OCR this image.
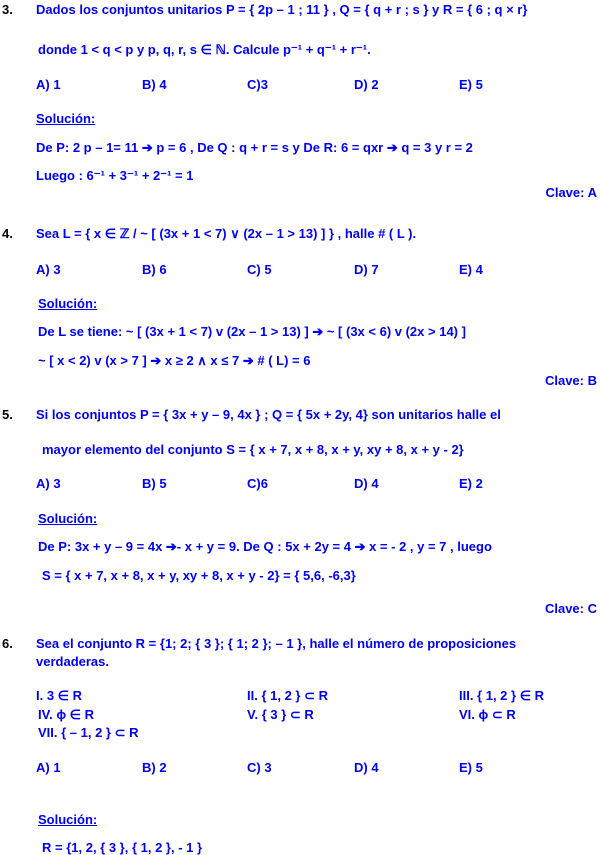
3. Dados los conjuntos unitarios P = { 2p – 1 ; 11 } , Q = { q + r ; s } y R = { 6 ; q × r}
donde 1 < q < p y p, q, r, s ∈ ℕ. Calcule p⁻¹ + q⁻¹ + r⁻¹.
A) 1	B) 4	C)3	D) 2	E) 5
Solución:
De P: 2 p – 1= 11 ➔ p = 6 , De Q : q + r = s y De R: 6 = qxr ➔ q = 3 y r = 2
Luego : 6⁻¹ + 3⁻¹ + 2⁻¹ = 1
Clave: A
4. Sea L = { x ∈ ℤ / ~ [ (3x + 1 < 7) ∨ (2x – 1 > 13) ] } , halle # ( L ).
A) 3	B) 6	C) 5	D) 7	E) 4
Solución:
De L se tiene: ~ [ (3x + 1 < 7) v (2x – 1 > 13) ] ➔ ~ [ (3x < 6) v (2x > 14) ]
~ [ x < 2) v (x > 7 ] ➔ x ≥ 2 ∧ x ≤ 7 ➔ # ( L) = 6
Clave: B
5. Si los conjuntos P = { 3x + y – 9, 4x } ; Q = { 5x + 2y, 4} son unitarios halle el
mayor elemento del conjunto S = { x + 7, x + 8, x + y, xy + 8, x + y - 2}
A) 3	B) 5	C)6	D) 4	E) 2
Solución:
De P: 3x + y – 9 = 4x ➔- x + y = 9. De Q : 5x + 2y = 4 ➔ x = - 2 , y = 7 , luego
S = { x + 7, x + 8, x + y, xy + 8, x + y - 2} = { 5,6, -6,3}
Clave: C
6. Sea el conjunto R = {1; 2; { 3 }; { 1; 2 }; – 1 }, halle el número de proposiciones
verdaderas.
I. 3 ∈ R	II. { 1, 2 } ⊂ R	III. { 1, 2 } ∈ R
IV. ϕ ∈ R	V. { 3 } ⊂ R	VI. ϕ ⊂ R
VII. { – 1, 2 } ⊂ R
A) 1	B) 2	C) 3	D) 4	E) 5
Solución:
R = {1, 2, { 3 }, { 1, 2 }, - 1 }
